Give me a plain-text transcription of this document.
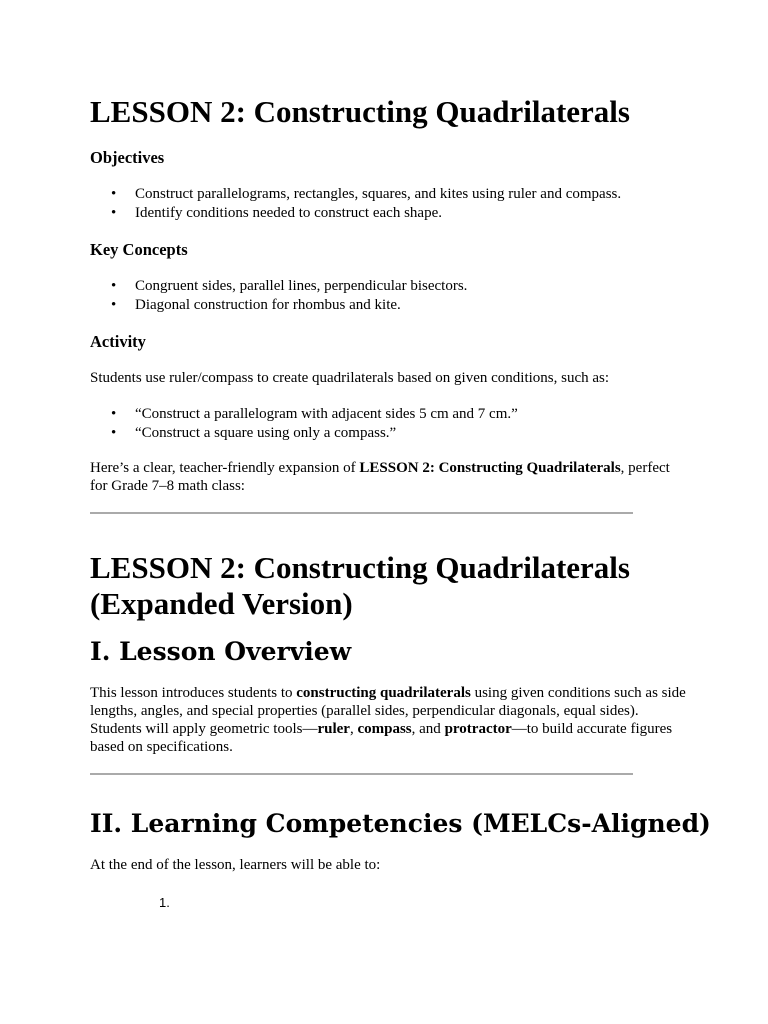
LESSON 2: Constructing Quadrilaterals
Objectives
• Construct parallelograms, rectangles, squares, and kites using ruler and compass.
• Identify conditions needed to construct each shape.
Key Concepts
• Congruent sides, parallel lines, perpendicular bisectors.
• Diagonal construction for rhombus and kite.
Activity
Students use ruler/compass to create quadrilaterals based on given conditions, such as:
• “Construct a parallelogram with adjacent sides 5 cm and 7 cm.”
• “Construct a square using only a compass.”
Here’s a clear, teacher-friendly expansion of LESSON 2: Constructing Quadrilaterals, perfect for Grade 7–8 math class:
LESSON 2: Constructing Quadrilaterals
(Expanded Version)
I. Lesson Overview
This lesson introduces students to constructing quadrilaterals using given conditions such as side lengths, angles, and special properties (parallel sides, perpendicular diagonals, equal sides). Students will apply geometric tools—ruler, compass, and protractor—to build accurate figures based on specifications.
II. Learning Competencies (MELCs-Aligned)
At the end of the lesson, learners will be able to:
1.
